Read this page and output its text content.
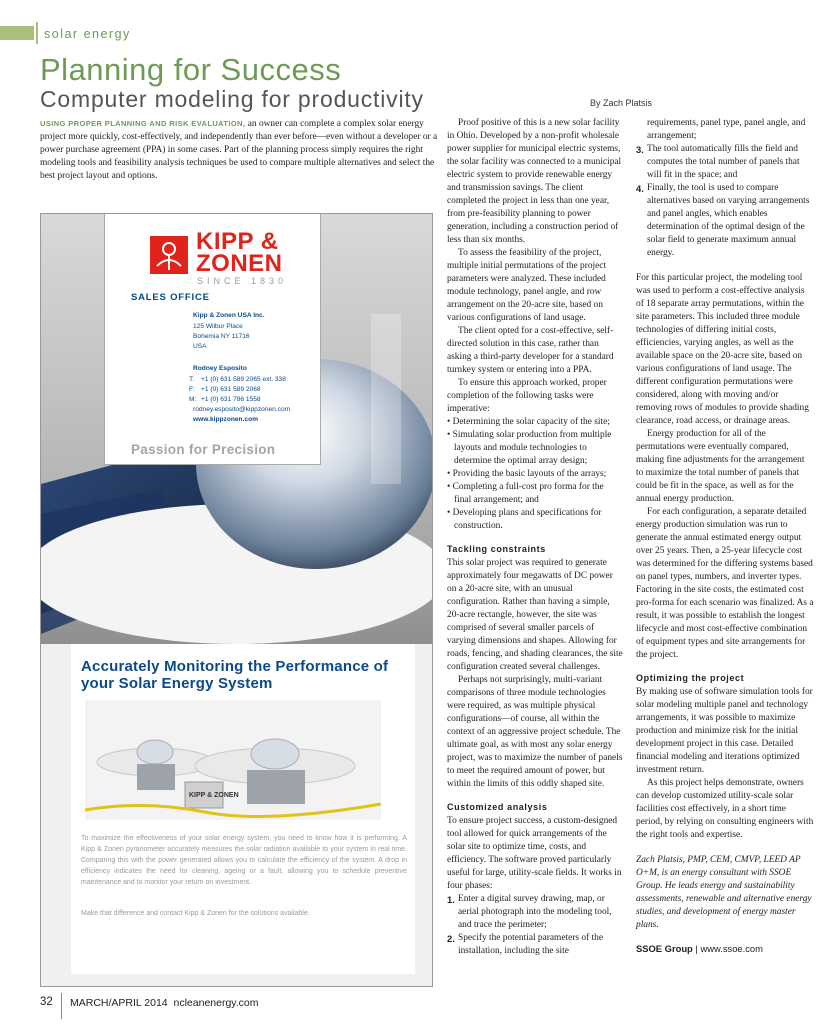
solar energy
Planning for Success
Computer modeling for productivity	By Zach Platsis
USING PROPER PLANNING AND RISK EVALUATION, an owner can complete a complex solar energy project more quickly, cost-effectively, and independently than ever before—even without a developer or a power purchase agreement (PPA) in some cases. Part of the planning process simply requires the right modeling tools and feasibility analysis techniques be used to compare multiple alternatives and select the best project layout and options.

Proof positive of this is a new solar facility in Ohio. Developed by a non-profit wholesale power supplier for municipal electric systems, the solar facility was connected to a municipal electric system to provide renewable energy and transmission savings. The client completed the project in less than one year, from pre-feasibility planning to power generation, including a construction period of less than six months.

To assess the feasibility of the project, multiple initial permutations of the project parameters were analyzed. These included module technology, panel angle, and row arrangement on the 20-acre site, based on various configurations of land usage.

The client opted for a cost-effective, self-directed solution in this case, rather than asking a third-party developer for a standard turnkey system or entering into a PPA.

To ensure this approach worked, proper completion of the following tasks were imperative:

• Determining the solar capacity of the site;
• Simulating solar production from multiple layouts and module technologies to determine the optimal array design;
• Providing the basic layouts of the arrays;
• Completing a full-cost pro forma for the final arrangement; and
• Developing plans and specifications for construction.
Tackling constraints

This solar project was required to generate approximately four megawatts of DC power on a 20-acre site, with an unusual configuration. Rather than having a simple, 20-acre rectangle, however, the site was comprised of several smaller parcels of varying dimensions and shapes. Allowing for roads, fencing, and shading clearances, the site configuration created several challenges.

Perhaps not surprisingly, multi-variant comparisons of three module technologies were required, as was multiple physical configurations—of course, all within the context of an aggressive project schedule. The ultimate goal, as with most any solar energy project, was to maximize the number of panels to meet the required amount of power, but within the limits of this oddly shaped site.

Customized analysis

To ensure project success, a custom-designed tool allowed for quick arrangements of the solar site to optimize time, costs, and efficiency. The software proved particularly useful for large, utility-scale fields. It works in four phases:

1. Enter a digital survey drawing, map, or aerial photograph into the modeling tool, and trace the perimeter;
2. Specify the potential parameters of the installation, including the site
requirements, panel type, panel angle, and arrangement;
3. The tool automatically fills the field and computes the total number of panels that will fit in the space; and
4. Finally, the tool is used to compare alternatives based on varying arrangements and panel angles, which enables determination of the optimal design of the solar field to generate maximum annual energy.

For this particular project, the modeling tool was used to perform a cost-effective analysis of 18 separate array permutations, within the site parameters. This included three module technologies of differing initial costs, efficiencies, varying angles, as well as the available space on the 20-acre site, based on various configurations of land usage. The different configuration permutations were considered, along with moving and/or removing rows of modules to provide shading clearance, road access, or drainage areas.

Energy production for all of the permutations were eventually compared, making fine adjustments for the arrangement to maximize the total number of panels that could be fit in the space, as well as for the annual energy production.

For each configuration, a separate detailed energy production simulation was run to generate the annual estimated energy output over 25 years. Then, a 25-year lifecycle cost was determined for the differing systems based on panel types, numbers, and inverter types. Factoring in the site costs, the estimated cost pro-forma for each scenario was finalized. As a result, it was possible to establish the longest lifecycle and most cost-effective combination of equipment types and site arrangements for the project.

Optimizing the project

By making use of software simulation tools for solar modeling multiple panel and technology arrangements, it was possible to maximize production and minimize risk for the initial development project in this case. Detailed financial modeling and iterations optimized investment return.

As this project helps demonstrate, owners can develop customized utility-scale solar facilities cost effectively, in a short time period, by relying on consulting engineers with the right tools and expertise.

Zach Platsis, PMP, CEM, CMVP, LEED AP O+M, is an energy consultant with SSOE Group. He leads energy and sustainability assessments, renewable and alternative energy studies, and development of energy master plans.

SSOE Group | www.ssoe.com

KIPP &
ZONEN
SINCE 1830
SALES OFFICE
Kipp & Zonen USA Inc.
125 Wilbur Place
Bohemia NY 11716
USA
Rodney Esposito
T: +1 (0) 631 589 2065 ext. 338
F: +1 (0) 631 589 2068
M: +1 (0) 631 786 1558
rodney.esposito@kippzonen.com
www.kippzonen.com
Passion for Precision
Accurately Monitoring the Performance of your Solar Energy System
KIPP & ZONEN
To maximize the effectiveness of your solar energy system, you need to know how it is performing. A Kipp & Zonen pyranometer accurately measures the solar radiation available to your system in real time. Comparing this with the power generated allows you to calculate the efficiency of the system. A drop in efficiency indicates the need for cleaning, ageing or a fault, allowing you to schedule preventive maintenance and to monitor your return on investment.
Make that difference and contact Kipp & Zonen for the solutions available.
32 MARCH/APRIL 2014 ncleanenergy.com
